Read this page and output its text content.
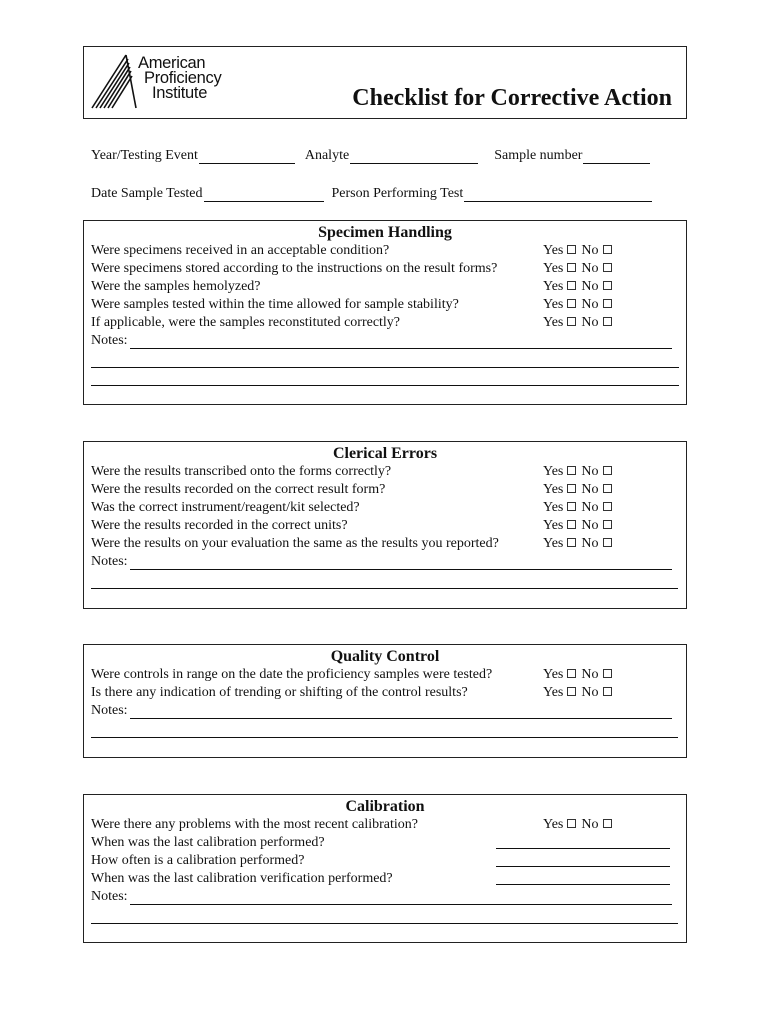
American
Proficiency
Institute	Checklist for Corrective Action
Year/Testing Event	Analyte	Sample number
Date Sample Tested	Person Performing Test
Specimen Handling
Were specimens received in an acceptable condition?	Yes No
Were specimens stored according to the instructions on the result forms?	Yes No
Were the samples hemolyzed?	Yes No
Were samples tested within the time allowed for sample stability?	Yes No
If applicable, were the samples reconstituted correctly?	Yes No
Notes:
Clerical Errors
Were the results transcribed onto the forms correctly?	Yes No
Were the results recorded on the correct result form?	Yes No
Was the correct instrument/reagent/kit selected?	Yes No
Were the results recorded in the correct units?	Yes No
Were the results on your evaluation the same as the results you reported?	Yes No
Notes:
Quality Control
Were controls in range on the date the proficiency samples were tested?	Yes No
Is there any indication of trending or shifting of the control results?	Yes No
Notes:
Calibration
Were there any problems with the most recent calibration?	Yes No
When was the last calibration performed?
How often is a calibration performed?
When was the last calibration verification performed?
Notes:
